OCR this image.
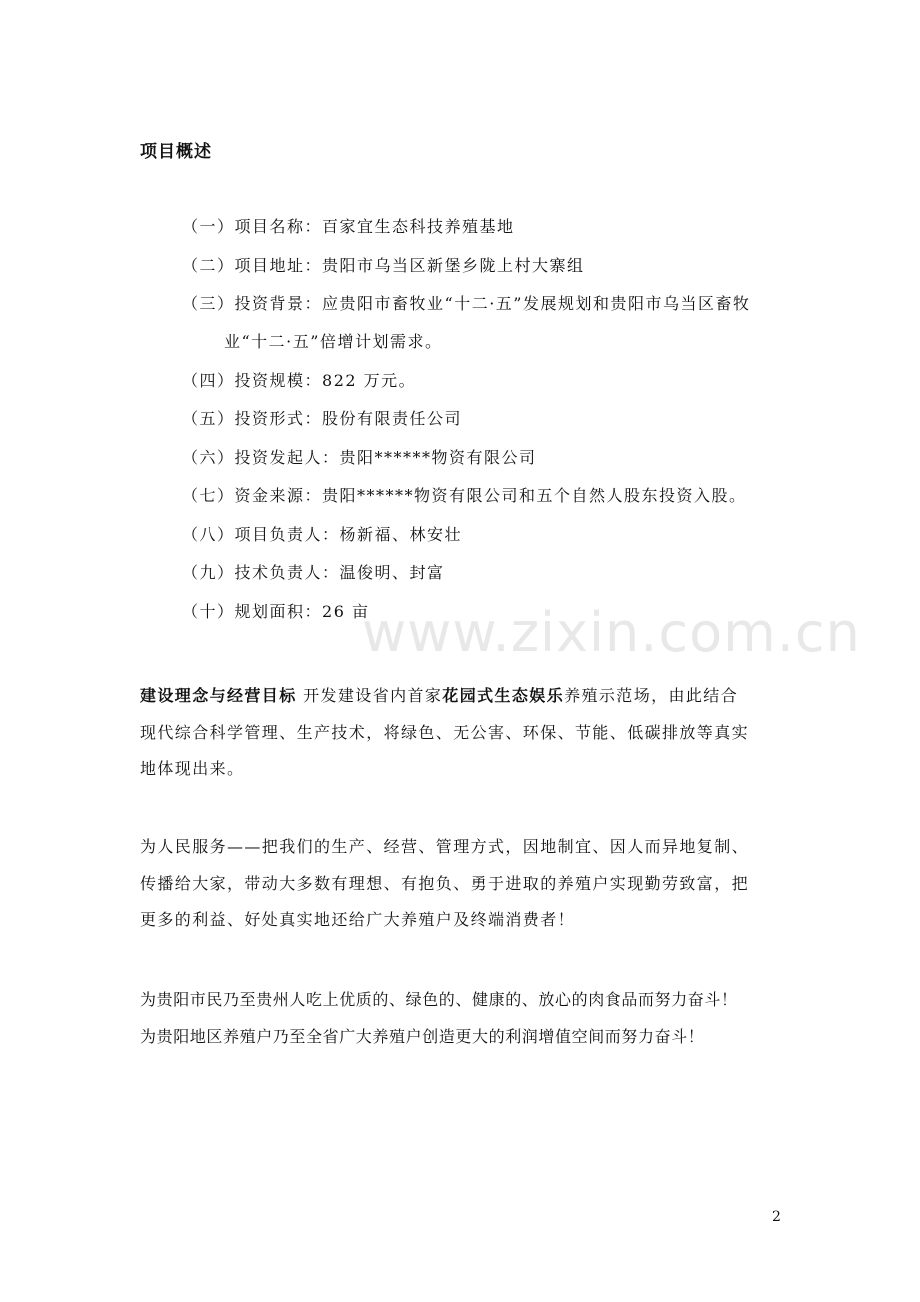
项目概述
（一）项目名称：百家宜生态科技养殖基地
（二）项目地址：贵阳市乌当区新堡乡陇上村大寨组
（三）投资背景：应贵阳市畜牧业“十二·五”发展规划和贵阳市乌当区畜牧
业“十二·五”倍增计划需求。
（四）投资规模：822 万元。
（五）投资形式：股份有限责任公司
（六）投资发起人：贵阳******物资有限公司
（七）资金来源：贵阳******物资有限公司和五个自然人股东投资入股。
（八）项目负责人：杨新福、林安壮
（九）技术负责人：温俊明、封富
（十）规划面积：26 亩
www.zixin.com.cn

建设理念与经营目标 开发建设省内首家花园式生态娱乐养殖示范场，由此结合
现代综合科学管理、生产技术，将绿色、无公害、环保、节能、低碳排放等真实
地体现出来。

为人民服务——把我们的生产、经营、管理方式，因地制宜、因人而异地复制、
传播给大家，带动大多数有理想、有抱负、勇于进取的养殖户实现勤劳致富，把
更多的利益、好处真实地还给广大养殖户及终端消费者！

为贵阳市民乃至贵州人吃上优质的、绿色的、健康的、放心的肉食品而努力奋斗！
为贵阳地区养殖户乃至全省广大养殖户创造更大的利润增值空间而努力奋斗！

2
